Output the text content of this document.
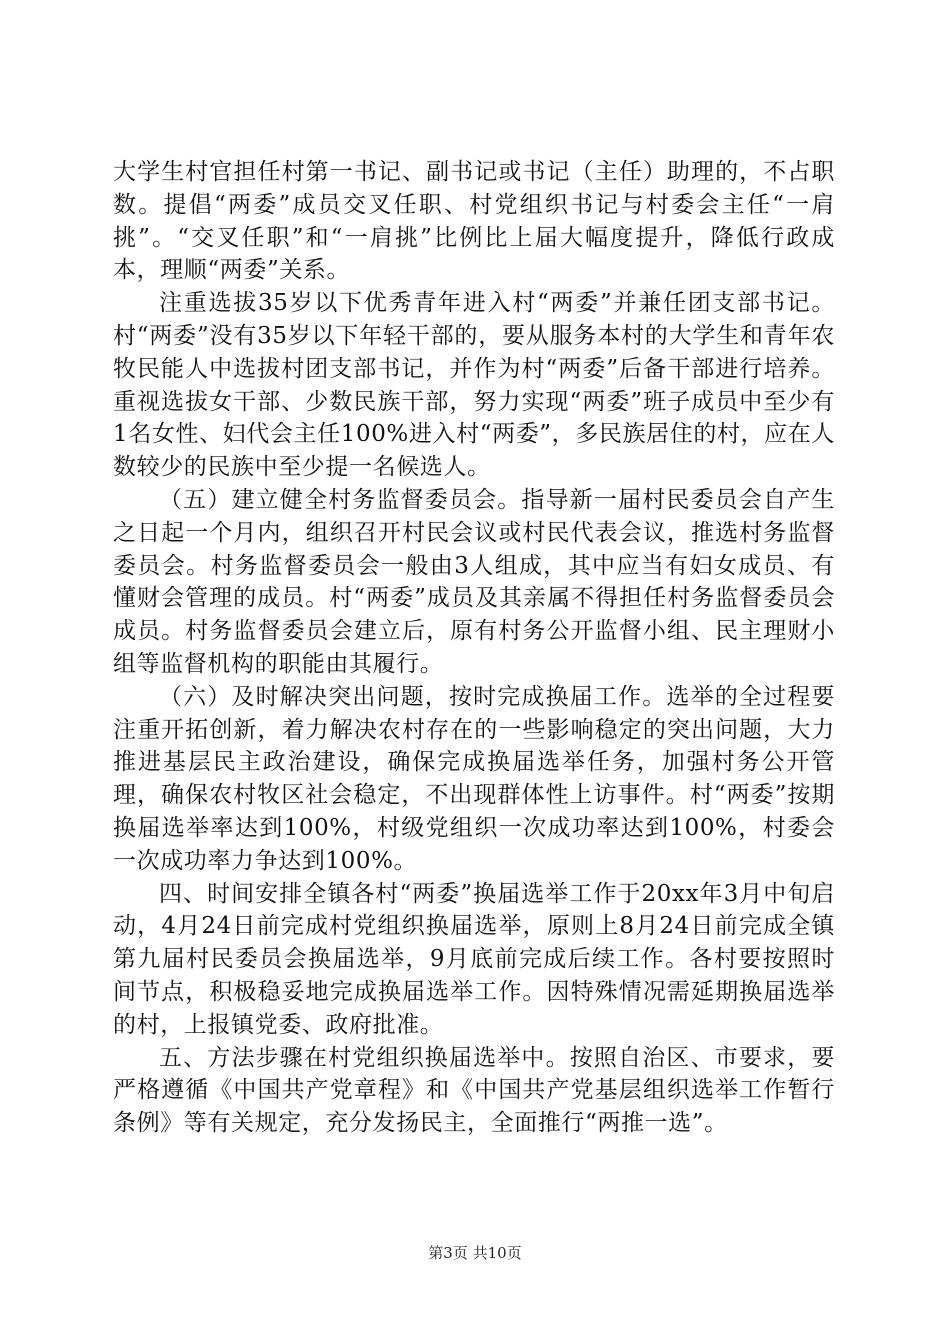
大学生村官担任村第一书记、副书记或书记（主任）助理的，不占职数。提倡“两委”成员交叉任职、村党组织书记与村委会主任“一肩挑”。“交叉任职”和“一肩挑”比例比上届大幅度提升，降低行政成本，理顺“两委”关系。

注重选拔35岁以下优秀青年进入村“两委”并兼任团支部书记。村“两委”没有35岁以下年轻干部的，要从服务本村的大学生和青年农牧民能人中选拔村团支部书记，并作为村“两委”后备干部进行培养。重视选拔女干部、少数民族干部，努力实现“两委”班子成员中至少有1名女性、妇代会主任100%进入村“两委”，多民族居住的村，应在人数较少的民族中至少提一名候选人。

（五）建立健全村务监督委员会。指导新一届村民委员会自产生之日起一个月内，组织召开村民会议或村民代表会议，推选村务监督委员会。村务监督委员会一般由3人组成，其中应当有妇女成员、有懂财会管理的成员。村“两委”成员及其亲属不得担任村务监督委员会成员。村务监督委员会建立后，原有村务公开监督小组、民主理财小组等监督机构的职能由其履行。

（六）及时解决突出问题，按时完成换届工作。选举的全过程要注重开拓创新，着力解决农村存在的一些影响稳定的突出问题，大力推进基层民主政治建设，确保完成换届选举任务，加强村务公开管理，确保农村牧区社会稳定，不出现群体性上访事件。村“两委”按期换届选举率达到100%，村级党组织一次成功率达到100%，村委会一次成功率力争达到100%。

四、时间安排全镇各村“两委”换届选举工作于20xx年3月中旬启动，4月24日前完成村党组织换届选举，原则上8月24日前完成全镇第九届村民委员会换届选举，9月底前完成后续工作。各村要按照时间节点，积极稳妥地完成换届选举工作。因特殊情况需延期换届选举的村，上报镇党委、政府批准。

五、方法步骤在村党组织换届选举中。按照自治区、市要求，要严格遵循《中国共产党章程》和《中国共产党基层组织选举工作暂行条例》等有关规定，充分发扬民主，全面推行“两推一选”。

第3页 共10页
